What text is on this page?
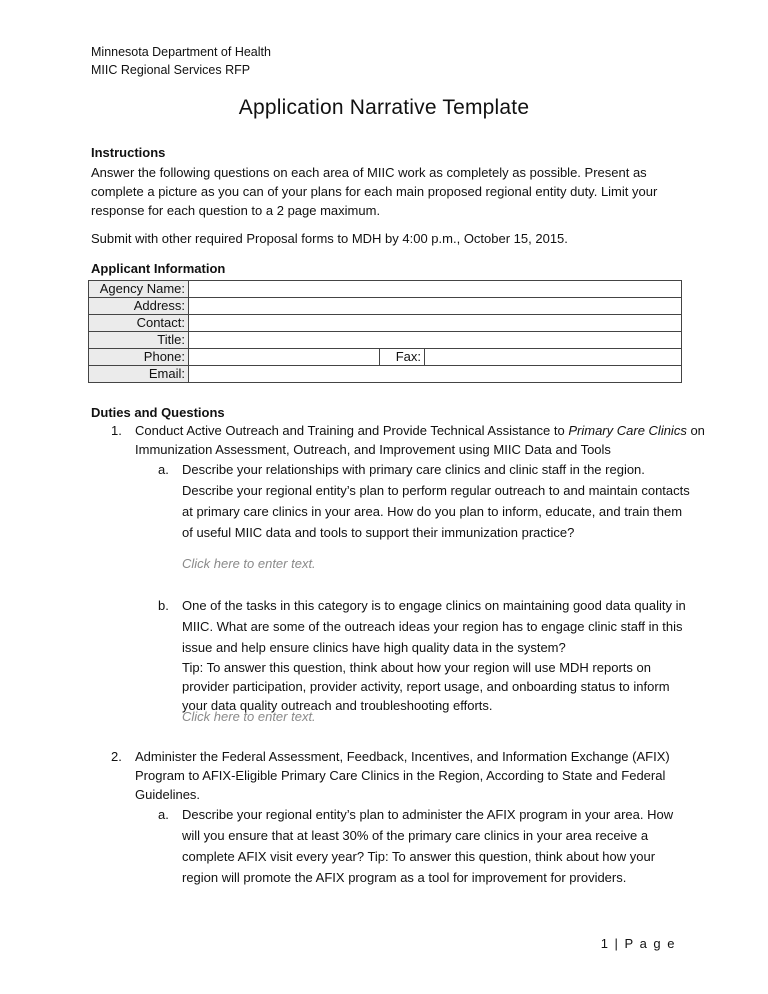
Minnesota Department of Health
MIIC Regional Services RFP
Application Narrative Template
Instructions
Answer the following questions on each area of MIIC work as completely as possible. Present as complete a picture as you can of your plans for each main proposed regional entity duty. Limit your response for each question to a 2 page maximum.
Submit with other required Proposal forms to MDH by 4:00 p.m., October 15, 2015.
Applicant Information
Agency Name:			
Address:			
Contact:			
Title:			
Phone:		Fax:	
Email:			
Duties and Questions
1. Conduct Active Outreach and Training and Provide Technical Assistance to Primary Care Clinics on Immunization Assessment, Outreach, and Improvement using MIIC Data and Tools
a. Describe your relationships with primary care clinics and clinic staff in the region. Describe your regional entity’s plan to perform regular outreach to and maintain contacts at primary care clinics in your area. How do you plan to inform, educate, and train them of useful MIIC data and tools to support their immunization practice?
Click here to enter text.
b. One of the tasks in this category is to engage clinics on maintaining good data quality in MIIC. What are some of the outreach ideas your region has to engage clinic staff in this issue and help ensure clinics have high quality data in the system?
Tip: To answer this question, think about how your region will use MDH reports on provider participation, provider activity, report usage, and onboarding status to inform your data quality outreach and troubleshooting efforts.
Click here to enter text.
2. Administer the Federal Assessment, Feedback, Incentives, and Information Exchange (AFIX) Program to AFIX-Eligible Primary Care Clinics in the Region, According to State and Federal Guidelines.
a. Describe your regional entity’s plan to administer the AFIX program in your area. How will you ensure that at least 30% of the primary care clinics in your area receive a complete AFIX visit every year? Tip: To answer this question, think about how your region will promote the AFIX program as a tool for improvement for providers.
1 | P a g e
